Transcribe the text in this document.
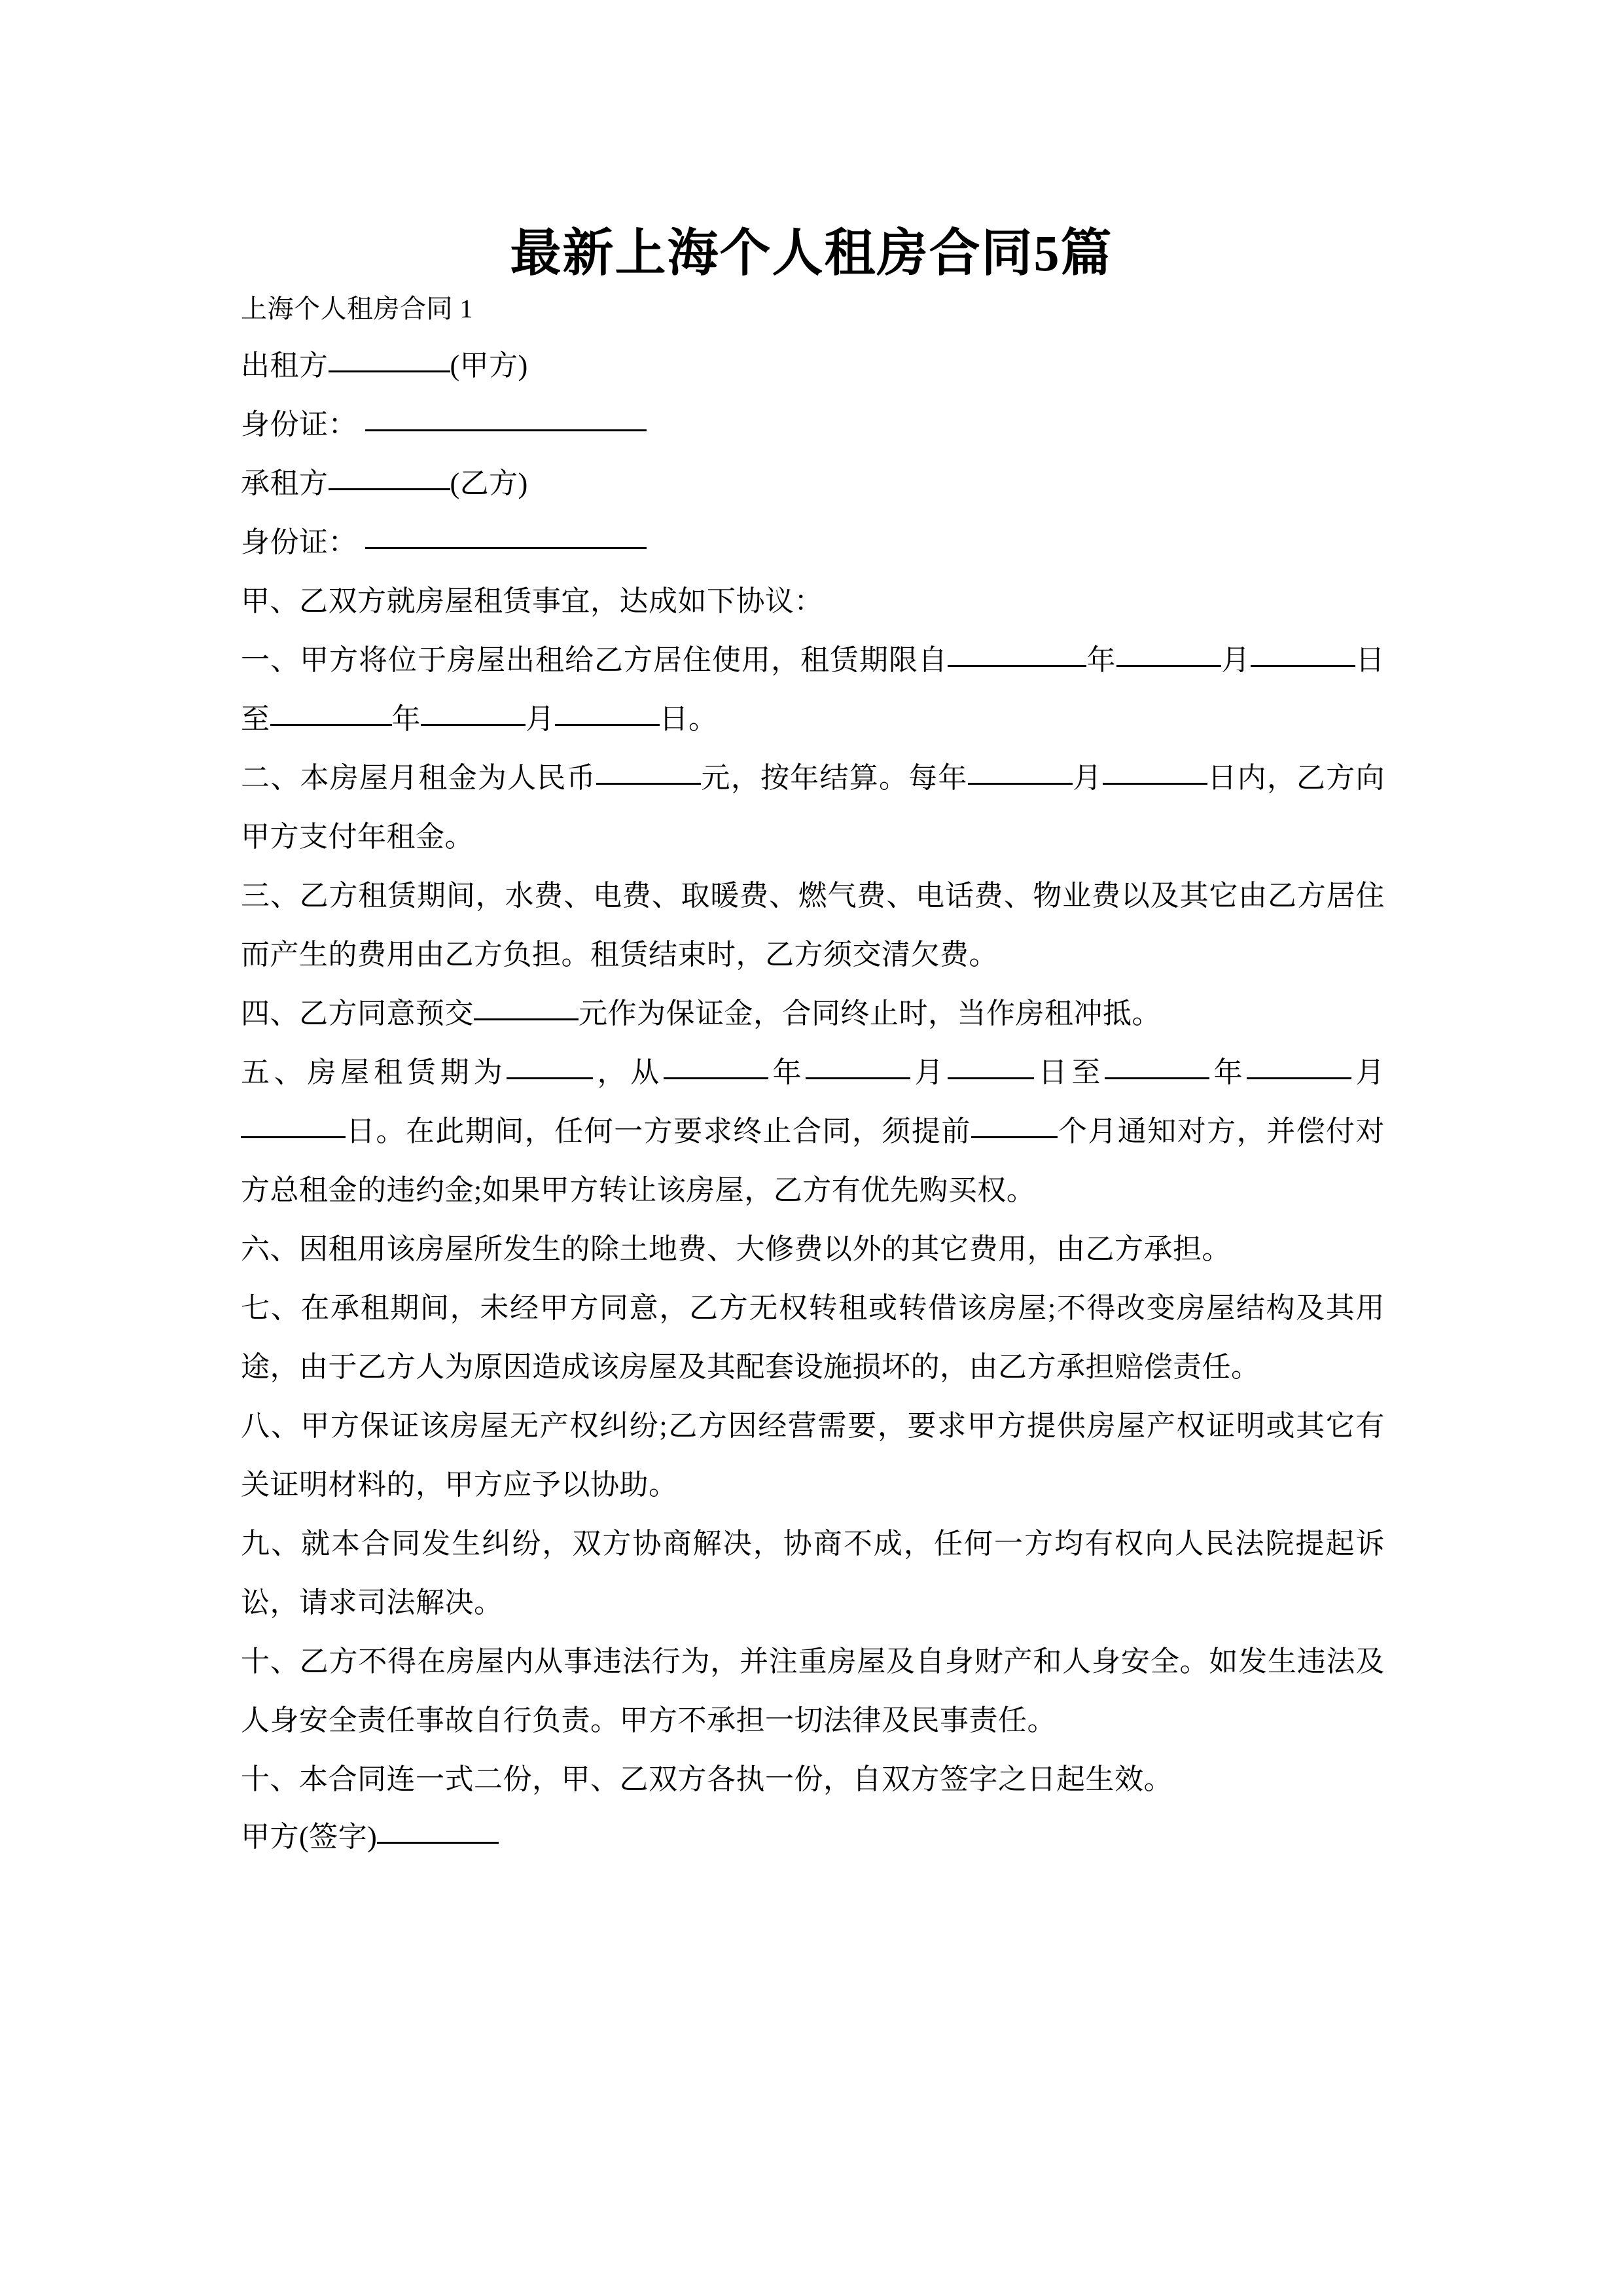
最新上海个人租房合同5篇

上海个人租房合同 1

出租方	(甲方)

身份证：

承租方	(乙方)

身份证：

甲、乙双方就房屋租赁事宜，达成如下协议：

一、甲方将位于房屋出租给乙方居住使用，租赁期限自	年	月	日至	年	月	日。

二、本房屋月租金为人民币	元，按年结算。每年	月	日内，乙方向甲方支付年租金。

三、乙方租赁期间，水费、电费、取暖费、燃气费、电话费、物业费以及其它由乙方居住而产生的费用由乙方负担。租赁结束时，乙方须交清欠费。

四、乙方同意预交	元作为保证金，合同终止时，当作房租冲抵。

五、房屋租赁期为	，从	年	月	日至	年	月日。在此期间，任何一方要求终止合同，须提前	个月通知对方，并偿付对方总租金的违约金;如果甲方转让该房屋，乙方有优先购买权。

六、因租用该房屋所发生的除土地费、大修费以外的其它费用，由乙方承担。

七、在承租期间，未经甲方同意，乙方无权转租或转借该房屋;不得改变房屋结构及其用途，由于乙方人为原因造成该房屋及其配套设施损坏的，由乙方承担赔偿责任。

八、甲方保证该房屋无产权纠纷;乙方因经营需要，要求甲方提供房屋产权证明或其它有关证明材料的，甲方应予以协助。

九、就本合同发生纠纷，双方协商解决，协商不成，任何一方均有权向人民法院提起诉讼，请求司法解决。

十、乙方不得在房屋内从事违法行为，并注重房屋及自身财产和人身安全。如发生违法及人身安全责任事故自行负责。甲方不承担一切法律及民事责任。

十、本合同连一式二份，甲、乙双方各执一份，自双方签字之日起生效。

甲方(签字)
